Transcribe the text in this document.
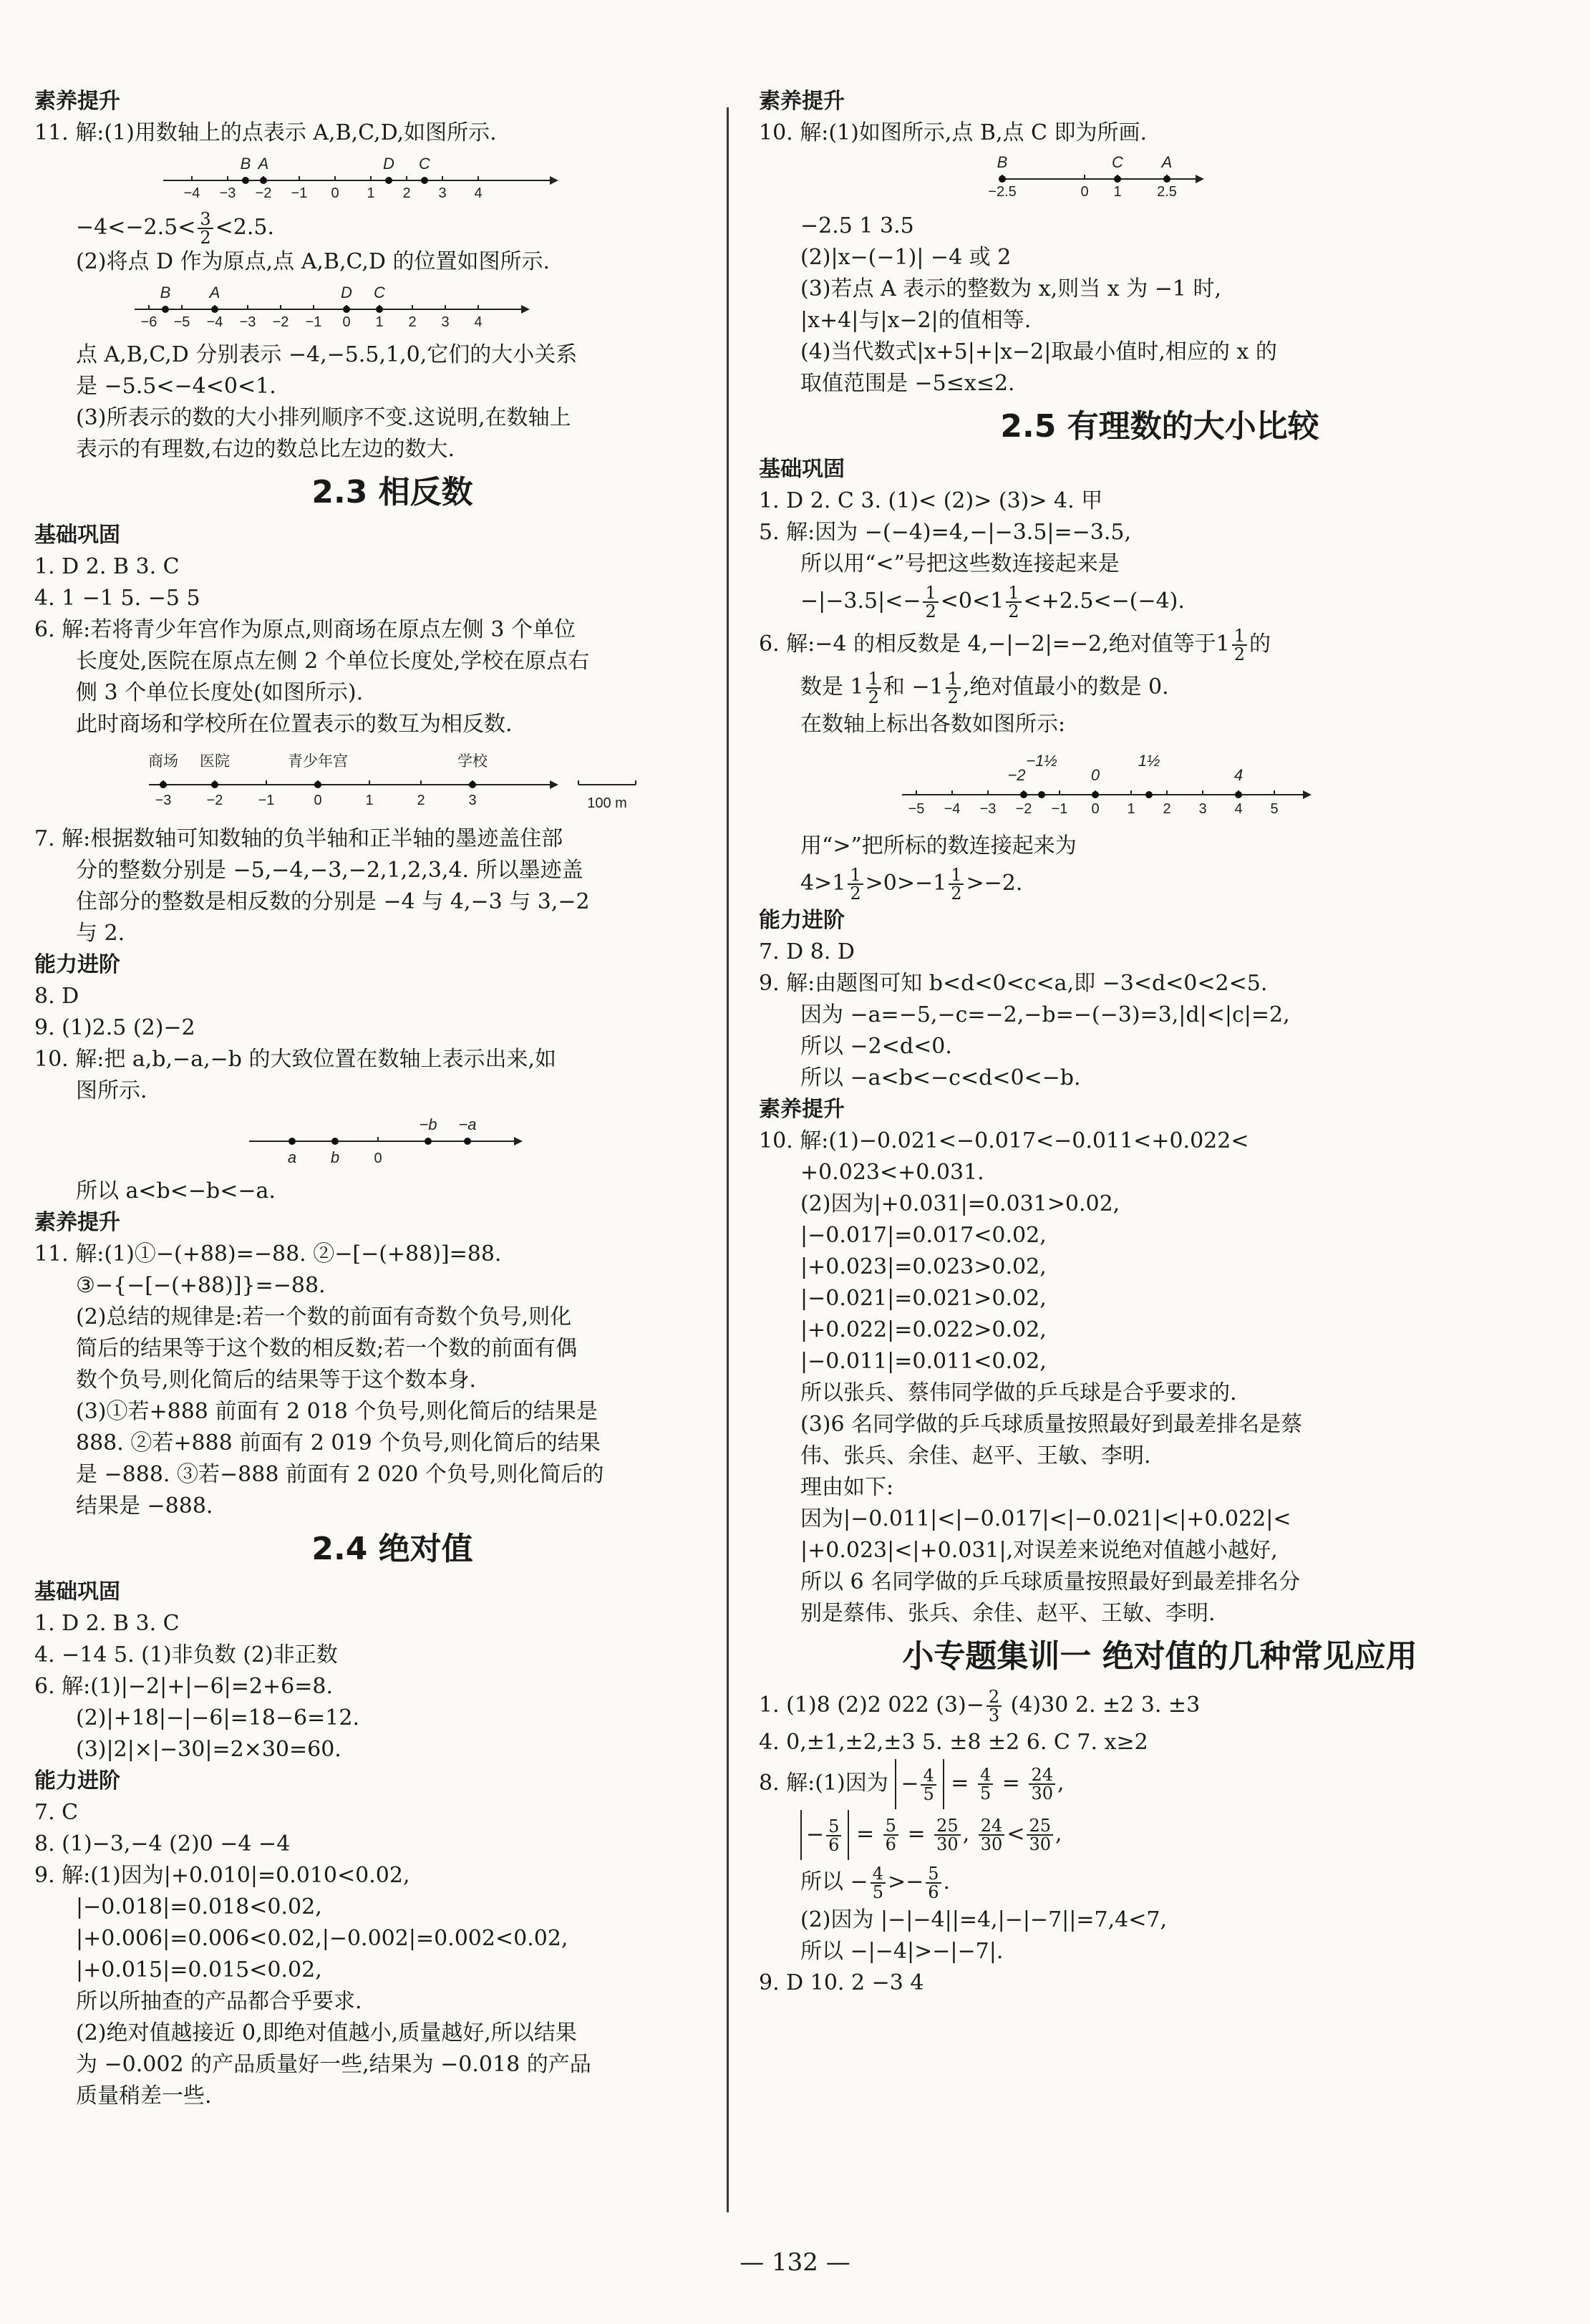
素养提升
11. 解:(1)用数轴上的点表示 A,B,C,D,如图所示.
−4 −3 −2 −1 0 1 2 3 4
B A	D C
$-4<-2.5< \frac{3}{2} <2.5$.
(2)将点 D 作为原点,点 A,B,C,D 的位置如图所示.
−6 −5 −4 −3 −2 −1 0 1 2 3 4
B A	D C
点 A,B,C,D 分别表示 −4,−5.5,1,0,它们的大小关系
是 −5.5<−4<0<1.
(3)所表示的数的大小排列顺序不变.这说明,在数轴上
表示的有理数,右边的数总比左边的数大.
2.3 相反数
基础巩固
1. D 2. B 3. C
4. 1 −1 5. −5 5
6. 解:若将青少年宫作为原点,则商场在原点左侧 3 个单位
长度处,医院在原点左侧 2 个单位长度处,学校在原点右
侧 3 个单位长度处(如图所示).
此时商场和学校所在位置表示的数互为相反数.
−3 −2 −1	0	1	2	3
商场 医院	青少年宫	学校
100 m
7. 解:根据数轴可知数轴的负半轴和正半轴的墨迹盖住部
分的整数分别是 −5,−4,−3,−2,1,2,3,4. 所以墨迹盖
住部分的整数是相反数的分别是 −4 与 4,−3 与 3,−2
与 2.
能力进阶
8. D
9. (1)2.5 (2)−2
10. 解:把 a,b,−a,−b 的大致位置在数轴上表示出来,如
图所示.
a b 0
−b −a
所以 a<b<−b<−a.
素养提升
11. 解:(1)①−(+88)=−88. ②−[−(+88)]=88.
③−{−[−(+88)]}=−88.
(2)总结的规律是:若一个数的前面有奇数个负号,则化
简后的结果等于这个数的相反数;若一个数的前面有偶
数个负号,则化简后的结果等于这个数本身.
(3)①若+888 前面有 2 018 个负号,则化简后的结果是
888. ②若+888 前面有 2 019 个负号,则化简后的结果
是 −888. ③若−888 前面有 2 020 个负号,则化简后的
结果是 −888.
2.4 绝对值
基础巩固
1. D 2. B 3. C
4. −14 5. (1)非负数 (2)非正数
6. 解:(1)|−2|+|−6|=2+6=8.
(2)|+18|−|−6|=18−6=12.
(3)|2|×|−30|=2×30=60.
能力进阶
7. C
8. (1)−3,−4 (2)0 −4 −4
9. 解:(1)因为|+0.010|=0.010<0.02,
|−0.018|=0.018<0.02,
|+0.006|=0.006<0.02,|−0.002|=0.002<0.02,
|+0.015|=0.015<0.02,
所以所抽查的产品都合乎要求.
(2)绝对值越接近 0,即绝对值越小,质量越好,所以结果
为 −0.002 的产品质量好一些,结果为 −0.018 的产品
质量稍差一些.
素养提升
10. 解:(1)如图所示,点 B,点 C 即为所画.
−2.5	0 1 2.5
B	C A
−2.5 1 3.5
(2)|x−(−1)| −4 或 2
(3)若点 A 表示的整数为 x,则当 x 为 −1 时,
|x+4|与|x−2|的值相等.
(4)当代数式|x+5|+|x−2|取最小值时,相应的 x 的
取值范围是 −5≤x≤2.
2.5 有理数的大小比较
基础巩固
1. D 2. C 3. (1)< (2)> (3)> 4. 甲
5. 解:因为 −(−4)=4,−|−3.5|=−3.5,
所以用“<”号把这些数连接起来是
$-|-3.5|<- \frac{1}{2} <0<1 \frac{1}{2} <+2.5<-(-4)$.
6. 解:−4 的相反数是 4,−|−2|=−2,绝对值等于$1 \frac{1}{2}$ 的
数是 $1 \frac{1}{2}$ 和 $-1 \frac{1}{2}$ ,绝对值最小的数是 0.
在数轴上标出各数如图所示:
−5 −4 −3 −2 −1 0 1 2 3 4 5
−2
−1½
0
1½
4
用“>”把所标的数连接起来为
$4>1 \frac{1}{2} >0>-1 \frac{1}{2} >-2$.
能力进阶
7. D 8. D
9. 解:由题图可知 b<d<0<c<a,即 −3<d<0<2<5.
因为 −a=−5,−c=−2,−b=−(−3)=3,|d|<|c|=2,
所以 −2<d<0.
所以 −a<b<−c<d<0<−b.
素养提升
10. 解:(1)−0.021<−0.017<−0.011<+0.022<
+0.023<+0.031.
(2)因为|+0.031|=0.031>0.02,
|−0.017|=0.017<0.02,
|+0.023|=0.023>0.02,
|−0.021|=0.021>0.02,
|+0.022|=0.022>0.02,
|−0.011|=0.011<0.02,
所以张兵、蔡伟同学做的乒乓球是合乎要求的.
(3)6 名同学做的乒乓球质量按照最好到最差排名是蔡
伟、张兵、余佳、赵平、王敏、李明.
理由如下:
因为|−0.011|<|−0.017|<|−0.021|<|+0.022|<
|+0.023|<|+0.031|,对误差来说绝对值越小越好,
所以 6 名同学做的乒乓球质量按照最好到最差排名分
别是蔡伟、张兵、余佳、赵平、王敏、李明.
小专题集训一 绝对值的几种常见应用
1. (1)8 (2)2 022 $(3)- \frac{2}{3} (4)30$ 2. ±2 3. ±3
4. 0,±1,±2,±3 5. ±8 ±2 6. C 7. x≥2
8. 解:(1)因为 − $\frac{4}{5} = \frac{4}{5} = \frac{24}{30}$ ,
− $\frac{5}{6} = \frac{5}{6} = \frac{25}{30}$ , $\frac{24}{30} < \frac{25}{30}$ ,
所以 − $\frac{4}{5} >- \frac{5}{6}$ .
(2)因为 |−|−4||=4,|−|−7||=7,4<7,
所以 −|−4|>−|−7|.
9. D 10. 2 −3 4
— 132 —
